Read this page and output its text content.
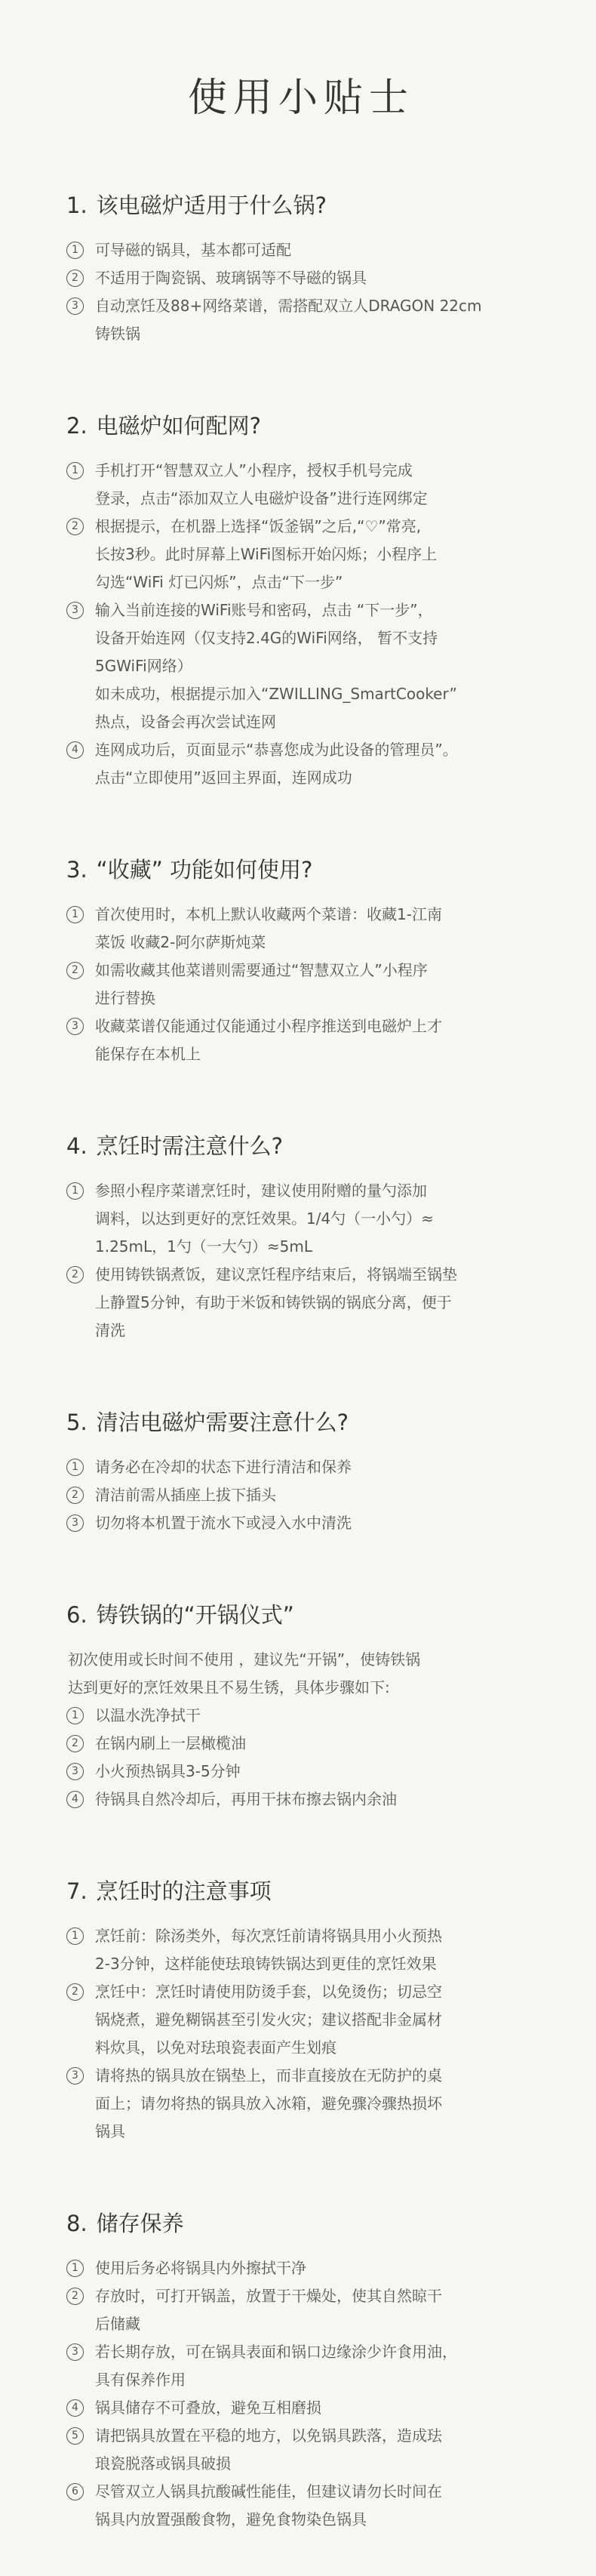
使用小贴士
1. 该电磁炉适用于什么锅?
1	可导磁的锅具，基本都可适配
2	不适用于陶瓷锅、玻璃锅等不导磁的锅具
3	自动烹饪及88+网络菜谱，需搭配双立人DRAGON 22cm
铸铁锅
2. 电磁炉如何配网?
1	手机打开“智慧双立人”小程序，授权手机号完成
登录，点击“添加双立人电磁炉设备”进行连网绑定
2	根据提示，在机器上选择“饭釜锅”之后,“♡”常亮,
长按3秒。此时屏幕上WiFi图标开始闪烁；小程序上
勾选“WiFi 灯已闪烁”，点击“下一步”
3	输入当前连接的WiFi账号和密码，点击 “下一步”，
设备开始连网（仅支持2.4G的WiFi网络， 暂不支持
5GWiFi网络）
如未成功，根据提示加入“ZWILLING_SmartCooker”
热点，设备会再次尝试连网
4	连网成功后，页面显示“恭喜您成为此设备的管理员”。
点击“立即使用”返回主界面，连网成功
3. “收藏” 功能如何使用?
1	首次使用时，本机上默认收藏两个菜谱：收藏1-江南
菜饭 收藏2-阿尔萨斯炖菜
2	如需收藏其他菜谱则需要通过“智慧双立人”小程序
进行替换
3	收藏菜谱仅能通过仅能通过小程序推送到电磁炉上才
能保存在本机上
4. 烹饪时需注意什么?
1	参照小程序菜谱烹饪时，建议使用附赠的量勺添加
调料，以达到更好的烹饪效果。1/4勺（一小勺）≈
1.25mL，1勺（一大勺）≈5mL
2	使用铸铁锅煮饭，建议烹饪程序结束后，将锅端至锅垫
上静置5分钟，有助于米饭和铸铁锅的锅底分离，便于
清洗
5. 清洁电磁炉需要注意什么?
1	请务必在冷却的状态下进行清洁和保养
2	清洁前需从插座上拔下插头
3	切勿将本机置于流水下或浸入水中清洗
6. 铸铁锅的“开锅仪式”

初次使用或长时间不使用 ，建议先“开锅”，使铸铁锅
达到更好的烹饪效果且不易生锈，具体步骤如下:

1	以温水洗净拭干
2	在锅内刷上一层橄榄油
3	小火预热锅具3-5分钟
4	待锅具自然冷却后，再用干抹布擦去锅内余油
7. 烹饪时的注意事项
1	烹饪前：除汤类外，每次烹饪前请将锅具用小火预热
2-3分钟，这样能使珐琅铸铁锅达到更佳的烹饪效果
2	烹饪中：烹饪时请使用防烫手套，以免烫伤；切忌空
锅烧煮，避免糊锅甚至引发火灾；建议搭配非金属材
料炊具，以免对珐琅瓷表面产生划痕
3	请将热的锅具放在锅垫上，而非直接放在无防护的桌
面上；请勿将热的锅具放入冰箱，避免骤冷骤热损坏
锅具
8. 储存保养
1	使用后务必将锅具内外擦拭干净
2	存放时，可打开锅盖，放置于干燥处，使其自然晾干
后储藏
3	若长期存放，可在锅具表面和锅口边缘涂少许食用油，
具有保养作用
4	锅具储存不可叠放，避免互相磨损
5	请把锅具放置在平稳的地方，以免锅具跌落，造成珐
琅瓷脱落或锅具破损
6	尽管双立人锅具抗酸碱性能佳，但建议请勿长时间在
锅具内放置强酸食物，避免食物染色锅具
